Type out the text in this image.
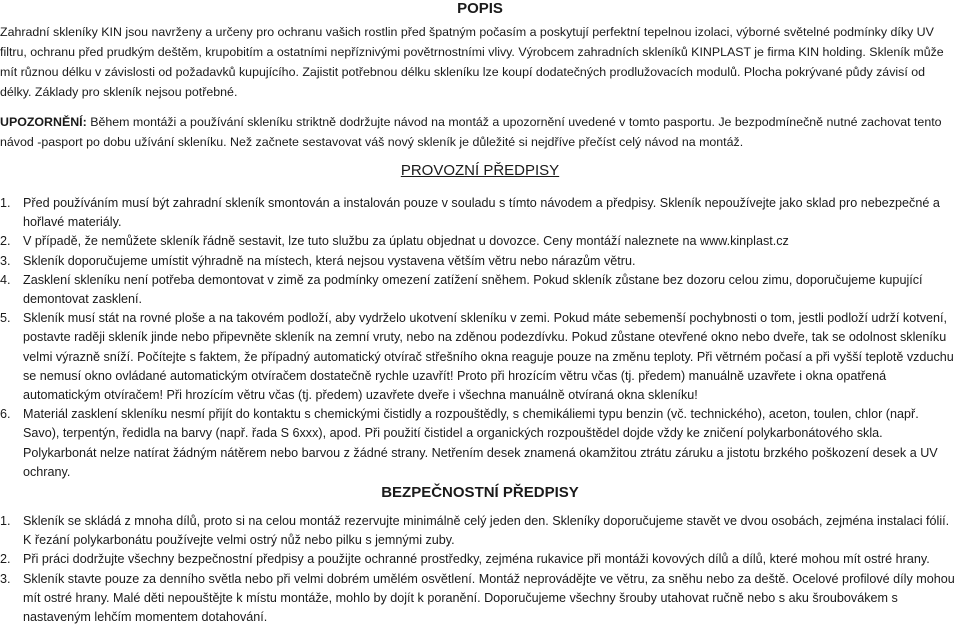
POPIS
Zahradní skleníky KIN jsou navrženy a určeny pro ochranu vašich rostlin před špatným počasím a poskytují perfektní tepelnou izolaci, výborné světelné podmínky díky UV filtru, ochranu před prudkým deštěm, krupobitím a ostatními nepříznivými povětrnostními vlivy. Výrobcem zahradních skleníků KINPLAST je firma KIN holding. Skleník může mít různou délku v závislosti od požadavků kupujícího. Zajistit potřebnou délku skleníku lze koupí dodatečných prodlužovacích modulů. Plocha pokrývané půdy závisí od délky. Základy pro skleník nejsou potřebné.
UPOZORNĚNÍ: Během montáži a používání skleníku striktně dodržujte návod na montáž a upozornění uvedené v tomto pasportu. Je bezpodmínečně nutné zachovat tento návod -pasport po dobu užívání skleníku. Než začnete sestavovat váš nový skleník je důležité si nejdříve přečíst celý návod na montáž.
PROVOZNÍ PŘEDPISY
1. Před používáním musí být zahradní skleník smontován a instalován pouze v souladu s tímto návodem a předpisy. Skleník nepoužívejte jako sklad pro nebezpečné a hořlavé materiály.
2. V případě, že nemůžete skleník řádně sestavit, lze tuto službu za úplatu objednat u dovozce. Ceny montáží naleznete na www.kinplast.cz
3. Skleník doporučujeme umístit výhradně na místech, která nejsou vystavena větším větru nebo nárazům větru.
4. Zasklení skleníku není potřeba demontovat v zimě za podmínky omezení zatížení sněhem. Pokud skleník zůstane bez dozoru celou zimu, doporučujeme kupující demontovat zasklení.
5. Skleník musí stát na rovné ploše a na takovém podloží, aby vydrželo ukotvení skleníku v zemi. Pokud máte sebemenší pochybnosti o tom, jestli podloží udrží kotvení, postavte raději skleník jinde nebo připevněte skleník na zemní vruty, nebo na zděnou podezdívku. Pokud zůstane otevřené okno nebo dveře, tak se odolnost skleníku velmi výrazně sníží. Počítejte s faktem, že případný automatický otvírač střešního okna reaguje pouze na změnu teploty. Při větrném počasí a při vyšší teplotě vzduchu se nemusí okno ovládané automatickým otvíračem dostatečně rychle uzavřít! Proto při hrozícím větru včas (tj. předem) manuálně uzavřete i okna opatřená automatickým otvíračem! Při hrozícím větru včas (tj. předem) uzavřete dveře i všechna manuálně otvíraná okna skleníku!
6. Materiál zasklení skleníku nesmí přijít do kontaktu s chemickými čistidly a rozpouštědly, s chemikáliemi typu benzin (vč. technického), aceton, toulen, chlor (např. Savo), terpentýn, ředidla na barvy (např. řada S 6xxx), apod. Při použití čistidel a organických rozpouštědel dojde vždy ke zničení polykarbonátového skla. Polykarbonát nelze natírat žádným nátěrem nebo barvou z žádné strany. Netřením desek znamená okamžitou ztrátu záruku a jistotu brzkého poškození desek a UV ochrany.
BEZPEČNOSTNÍ PŘEDPISY
1. Skleník se skládá z mnoha dílů, proto si na celou montáž rezervujte minimálně celý jeden den. Skleníky doporučujeme stavět ve dvou osobách, zejména instalaci fólií. K řezání polykarbonátu používejte velmi ostrý nůž nebo pilku s jemnými zuby.
2. Při práci dodržujte všechny bezpečnostní předpisy a použijte ochranné prostředky, zejména rukavice při montáži kovových dílů a dílů, které mohou mít ostré hrany.
3. Skleník stavte pouze za denního světla nebo při velmi dobrém umělém osvětlení. Montáž neprovádějte ve větru, za sněhu nebo za deště. Ocelové profilové díly mohou mít ostré hrany. Malé děti nepouštějte k místu montáže, mohlo by dojít k poranění. Doporučujeme všechny šrouby utahovat ručně nebo s aku šroubovákem s nastaveným lehčím momentem dotahování.
